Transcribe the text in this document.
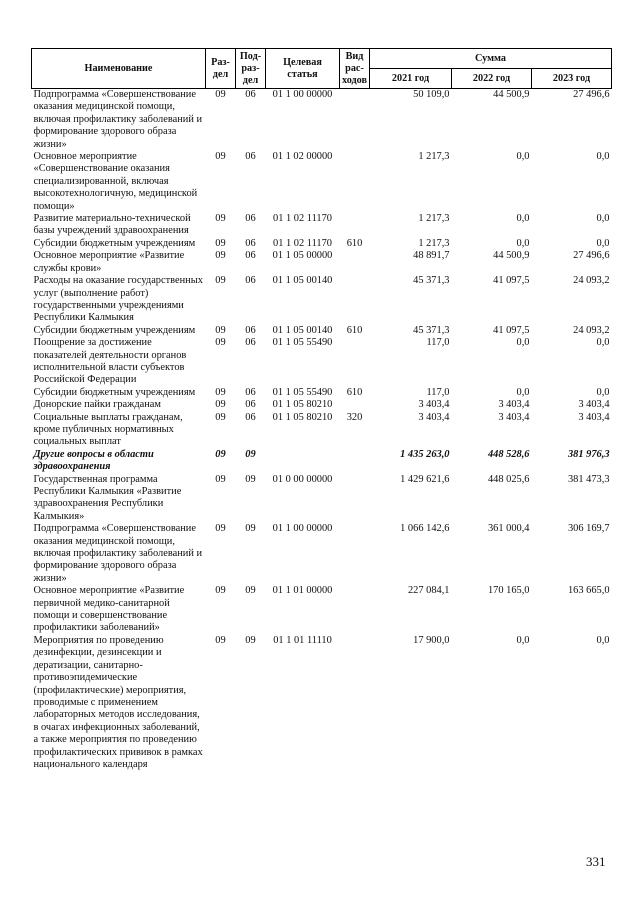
Наименование	Раз-дел	Под-раз-дел	Целевая статья	Вид рас-ходов	Сумма		
					2021 год	2022 год	2023 год
Подпрограмма «Совершенствование оказания медицинской помощи, включая профилактику заболеваний и формирование здорового образа жизни»	09	06	01 1 00 00000		50 109,0	44 500,9	27 496,6
Основное мероприятие «Совершенствование оказания специализированной, включая высокотехнологичную, медицинской помощи»	09	06	01 1 02 00000		1 217,3	0,0	0,0
Развитие материально-технической базы учреждений здравоохранения	09	06	01 1 02 11170		1 217,3	0,0	0,0
Субсидии бюджетным учреждениям	09	06	01 1 02 11170	610	1 217,3	0,0	0,0
Основное мероприятие «Развитие службы крови»	09	06	01 1 05 00000		48 891,7	44 500,9	27 496,6
Расходы на оказание государственных услуг (выполнение работ) государственными учреждениями Республики Калмыкия	09	06	01 1 05 00140		45 371,3	41 097,5	24 093,2
Субсидии бюджетным учреждениям	09	06	01 1 05 00140	610	45 371,3	41 097,5	24 093,2
Поощрение за достижение показателей деятельности органов исполнительной власти субъектов Российской Федерации	09	06	01 1 05 55490		117,0	0,0	0,0
Субсидии бюджетным учреждениям	09	06	01 1 05 55490	610	117,0	0,0	0,0
Донорские пайки гражданам	09	06	01 1 05 80210		3 403,4	3 403,4	3 403,4
Социальные выплаты гражданам, кроме публичных нормативных социальных выплат	09	06	01 1 05 80210	320	3 403,4	3 403,4	3 403,4
Другие вопросы в области здравоохранения	09	09			1 435 263,0	448 528,6	381 976,3
Государственная программа Республики Калмыкия «Развитие здравоохранения Республики Калмыкия»	09	09	01 0 00 00000		1 429 621,6	448 025,6	381 473,3
Подпрограмма «Совершенствование оказания медицинской помощи, включая профилактику заболеваний и формирование здорового образа жизни»	09	09	01 1 00 00000		1 066 142,6	361 000,4	306 169,7
Основное мероприятие «Развитие первичной медико-санитарной помощи и совершенствование профилактики заболеваний»	09	09	01 1 01 00000		227 084,1	170 165,0	163 665,0
Мероприятия по проведению дезинфекции, дезинсекции и дератизации, санитарно-противоэпидемические (профилактические) мероприятия, проводимые с применением лабораторных методов исследования, в очагах инфекционных заболеваний, а также мероприятия по проведению профилактических прививок в рамках национального календаря	09	09	01 1 01 11110		17 900,0	0,0	0,0
331
